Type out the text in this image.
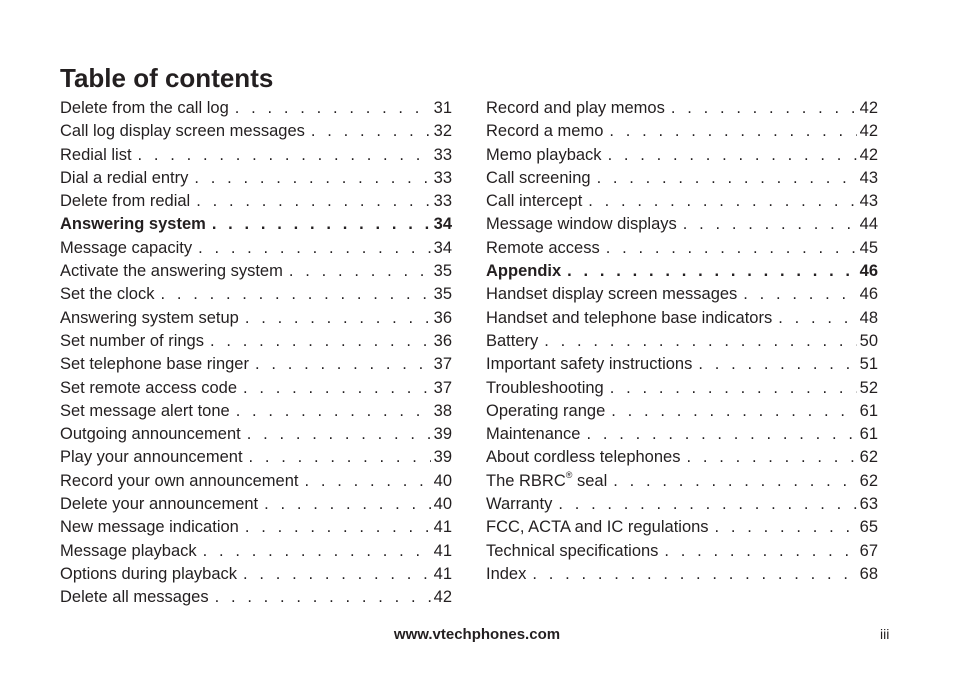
Table of contents
Delete from the call log . . .	31
Call log display screen messages . . .	32
Redial list . . .	33
Dial a redial entry . . .	33
Delete from redial . . .	33
Answering system . . .	34
Message capacity . . .	34
Activate the answering system . . .	35
Set the clock . . .	35
Answering system setup . . .	36
Set number of rings . . .	36
Set telephone base ringer . . .	37
Set remote access code . . .	37
Set message alert tone . . .	38
Outgoing announcement . . .	39
Play your announcement . . .	39
Record your own announcement . . .	40
Delete your announcement . . .	40
New message indication . . .	41
Message playback . . .	41
Options during playback . . .	41
Delete all messages . . .	42
Record and play memos . . .	42
Record a memo . . .	42
Memo playback . . .	42
Call screening . . .	43
Call intercept . . .	43
Message window displays . . .	44
Remote access . . .	45
Appendix . . .	46
Handset display screen messages . . .	46
Handset and telephone base indicators . . .	48
Battery . . .	50
Important safety instructions . . .	51
Troubleshooting . . .	52
Operating range . . .	61
Maintenance . . .	61
About cordless telephones . . .	62
The RBRC® seal . . .	62
Warranty . . .	63
FCC, ACTA and IC regulations . . .	65
Technical specifications . . .	67
Index . . .	68
www.vtechphones.com	iii
